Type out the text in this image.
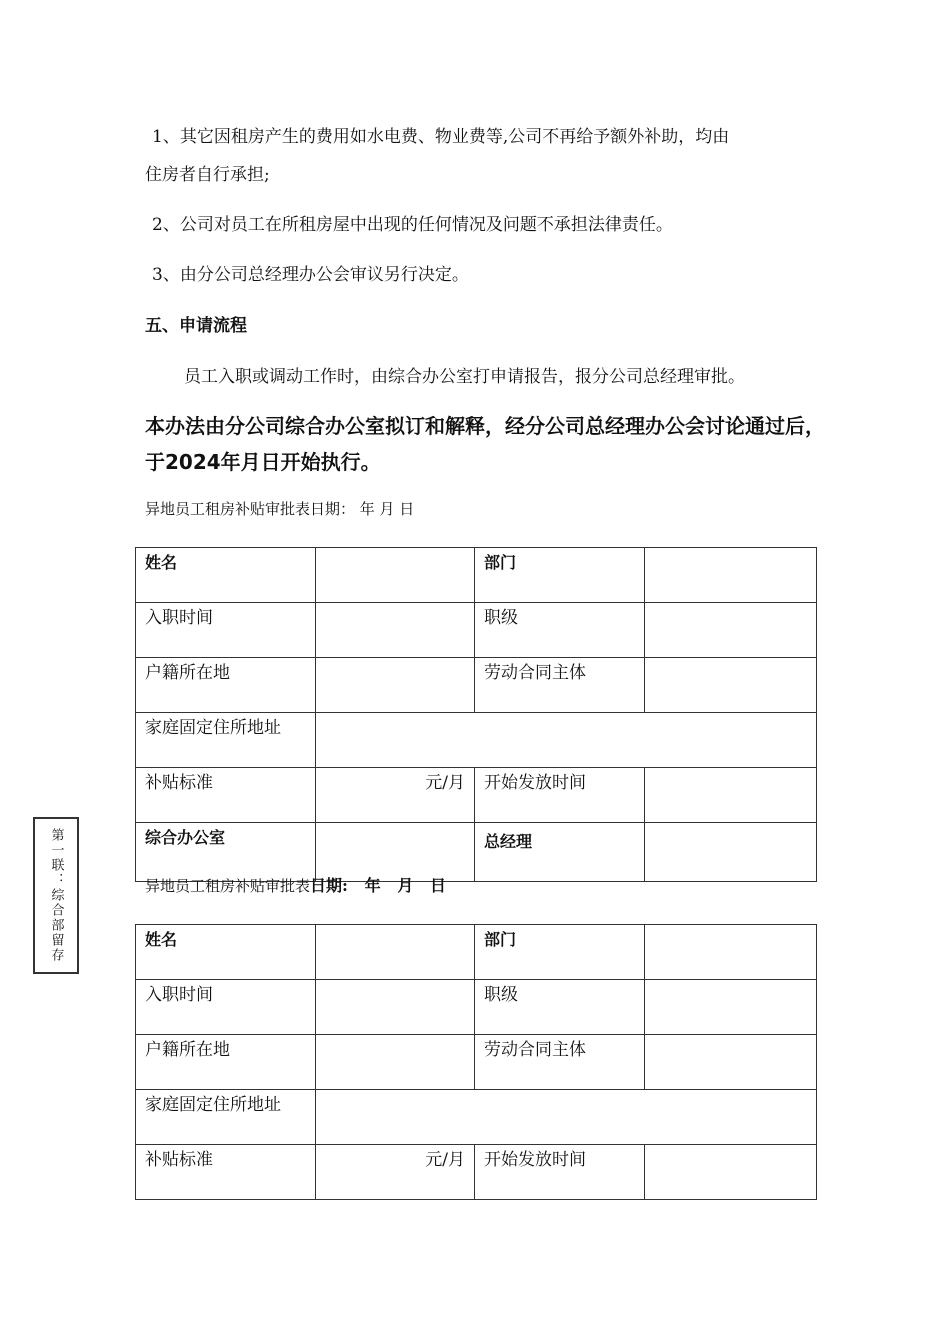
1、其它因租房产生的费用如水电费、物业费等,公司不再给予额外补助，均由

住房者自行承担;

2、公司对员工在所租房屋中出现的任何情况及问题不承担法律责任。

3、由分公司总经理办公会审议另行决定。

五、申请流程

员工入职或调动工作时，由综合办公室打申请报告，报分公司总经理审批。

本办法由分公司综合办公室拟订和解释，经分公司总经理办公会讨论通过后，于2024年月日开始执行。

异地员工租房补贴审批表日期： 年 月 日
姓名		部门	
入职时间		职级	
户籍所在地		劳动合同主体	
家庭固定住所地址			
补贴标准	元/月	开始发放时间	
综合办公室		总经理	
异地员工租房补贴审批表日期:   年   月   日
姓名		部门	
入职时间		职级	
户籍所在地		劳动合同主体	
家庭固定住所地址			
补贴标准	元/月	开始发放时间	
第一联：综合部留存
